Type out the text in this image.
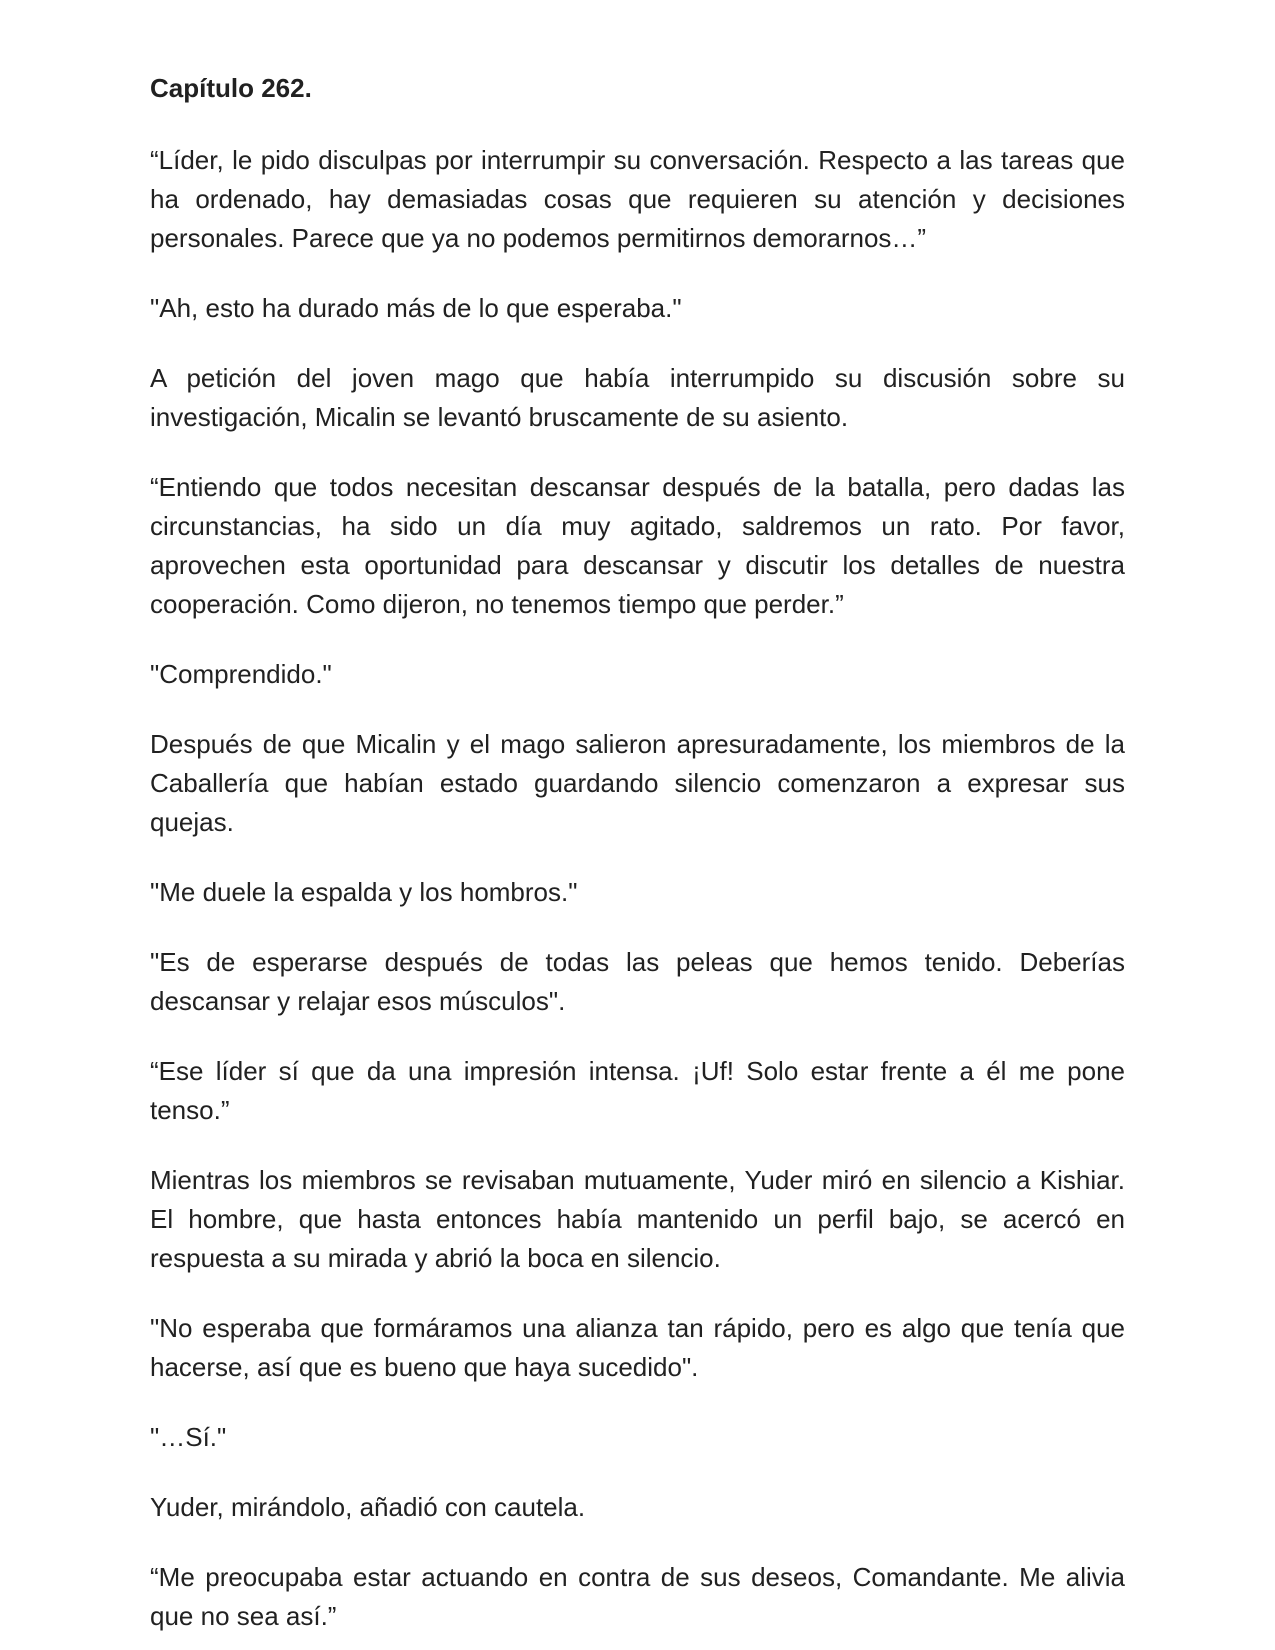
Capítulo 262.

“Líder, le pido disculpas por interrumpir su conversación. Respecto a las tareas que ha ordenado, hay demasiadas cosas que requieren su atención y decisiones personales. Parece que ya no podemos permitirnos demorarnos…”

"Ah, esto ha durado más de lo que esperaba."

A petición del joven mago que había interrumpido su discusión sobre su investigación, Micalin se levantó bruscamente de su asiento.

“Entiendo que todos necesitan descansar después de la batalla, pero dadas las circunstancias, ha sido un día muy agitado, saldremos un rato. Por favor, aprovechen esta oportunidad para descansar y discutir los detalles de nuestra cooperación. Como dijeron, no tenemos tiempo que perder.”

"Comprendido."

Después de que Micalin y el mago salieron apresuradamente, los miembros de la Caballería que habían estado guardando silencio comenzaron a expresar sus quejas.

"Me duele la espalda y los hombros."

"Es de esperarse después de todas las peleas que hemos tenido. Deberías descansar y relajar esos músculos".

“Ese líder sí que da una impresión intensa. ¡Uf! Solo estar frente a él me pone tenso.”

Mientras los miembros se revisaban mutuamente, Yuder miró en silencio a Kishiar. El hombre, que hasta entonces había mantenido un perfil bajo, se acercó en respuesta a su mirada y abrió la boca en silencio.

"No esperaba que formáramos una alianza tan rápido, pero es algo que tenía que hacerse, así que es bueno que haya sucedido".

"…Sí."

Yuder, mirándolo, añadió con cautela.

“Me preocupaba estar actuando en contra de sus deseos, Comandante. Me alivia que no sea así.”
